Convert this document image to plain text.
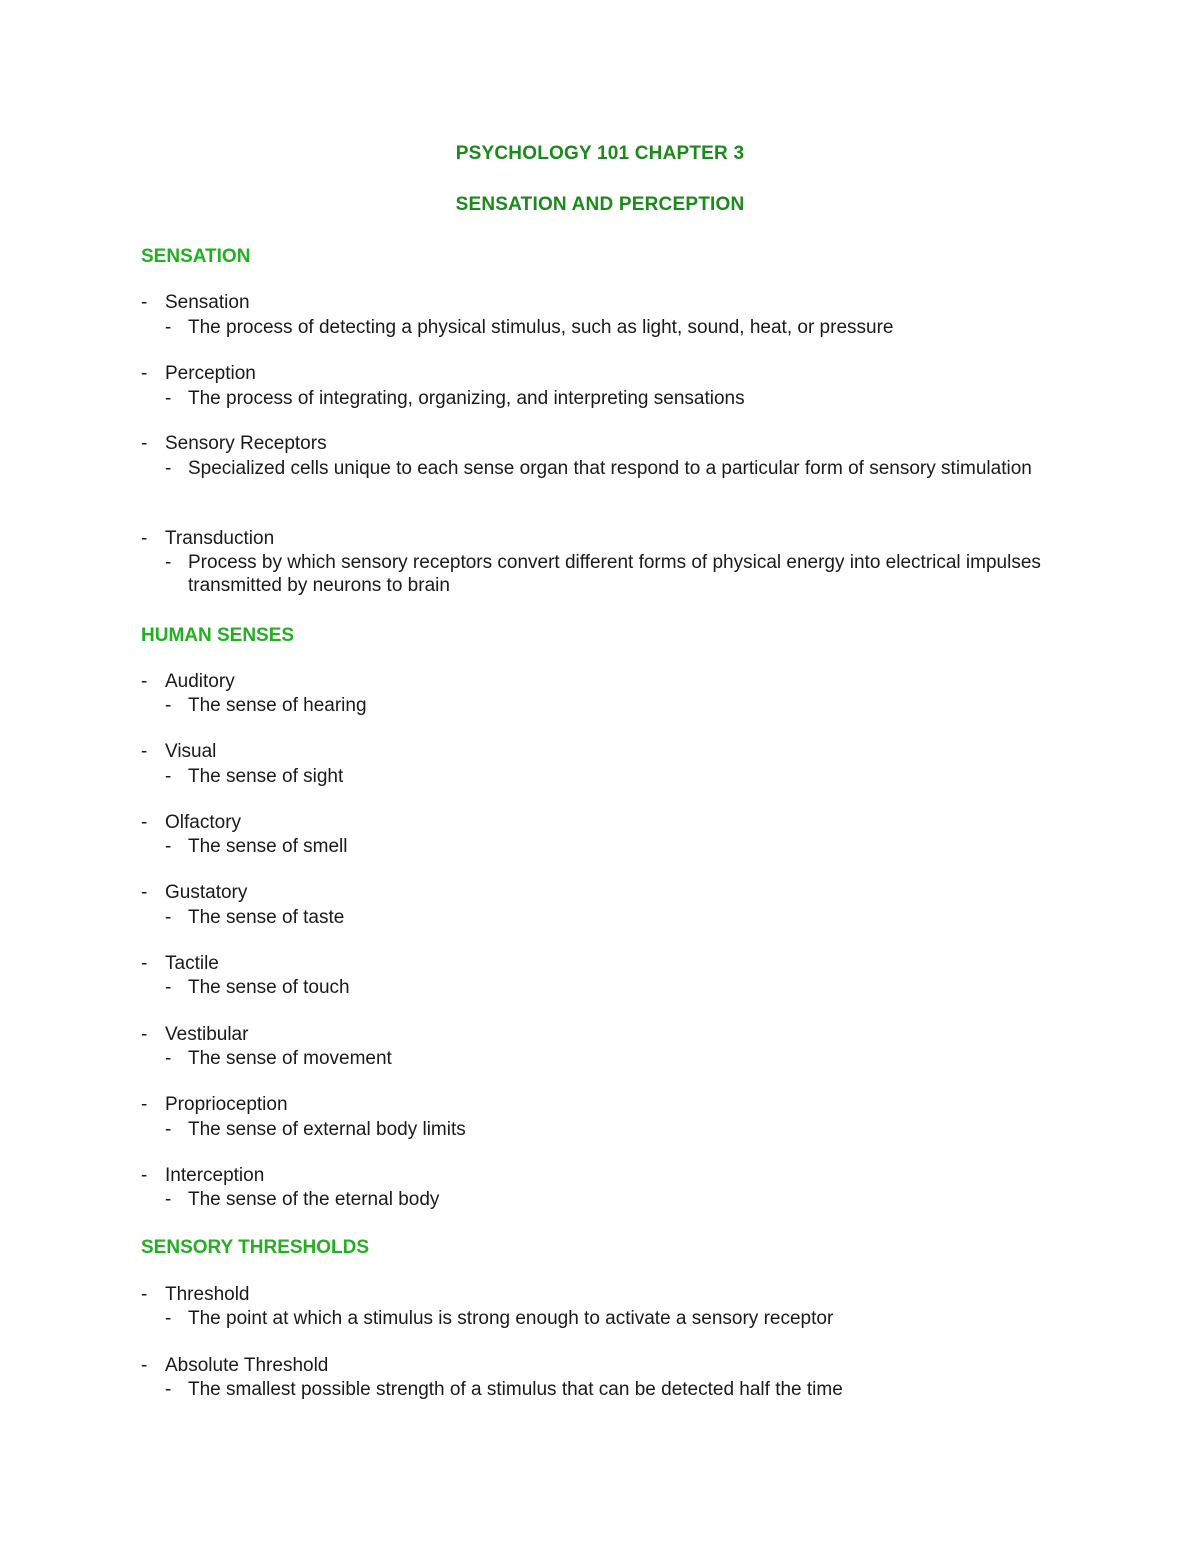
PSYCHOLOGY 101 CHAPTER 3
SENSATION AND PERCEPTION
SENSATION
- Sensation
- The process of detecting a physical stimulus, such as light, sound, heat, or pressure
- Perception
- The process of integrating, organizing, and interpreting sensations
- Sensory Receptors
- Specialized cells unique to each sense organ that respond to a particular form of sensory stimulation
- Transduction
- Process by which sensory receptors convert different forms of physical energy into electrical impulses transmitted by neurons to brain
HUMAN SENSES
- Auditory
- The sense of hearing
- Visual
- The sense of sight
- Olfactory
- The sense of smell
- Gustatory
- The sense of taste
- Tactile
- The sense of touch
- Vestibular
- The sense of movement
- Proprioception
- The sense of external body limits
- Interception
- The sense of the eternal body
SENSORY THRESHOLDS
- Threshold
- The point at which a stimulus is strong enough to activate a sensory receptor
- Absolute Threshold
- The smallest possible strength of a stimulus that can be detected half the time
